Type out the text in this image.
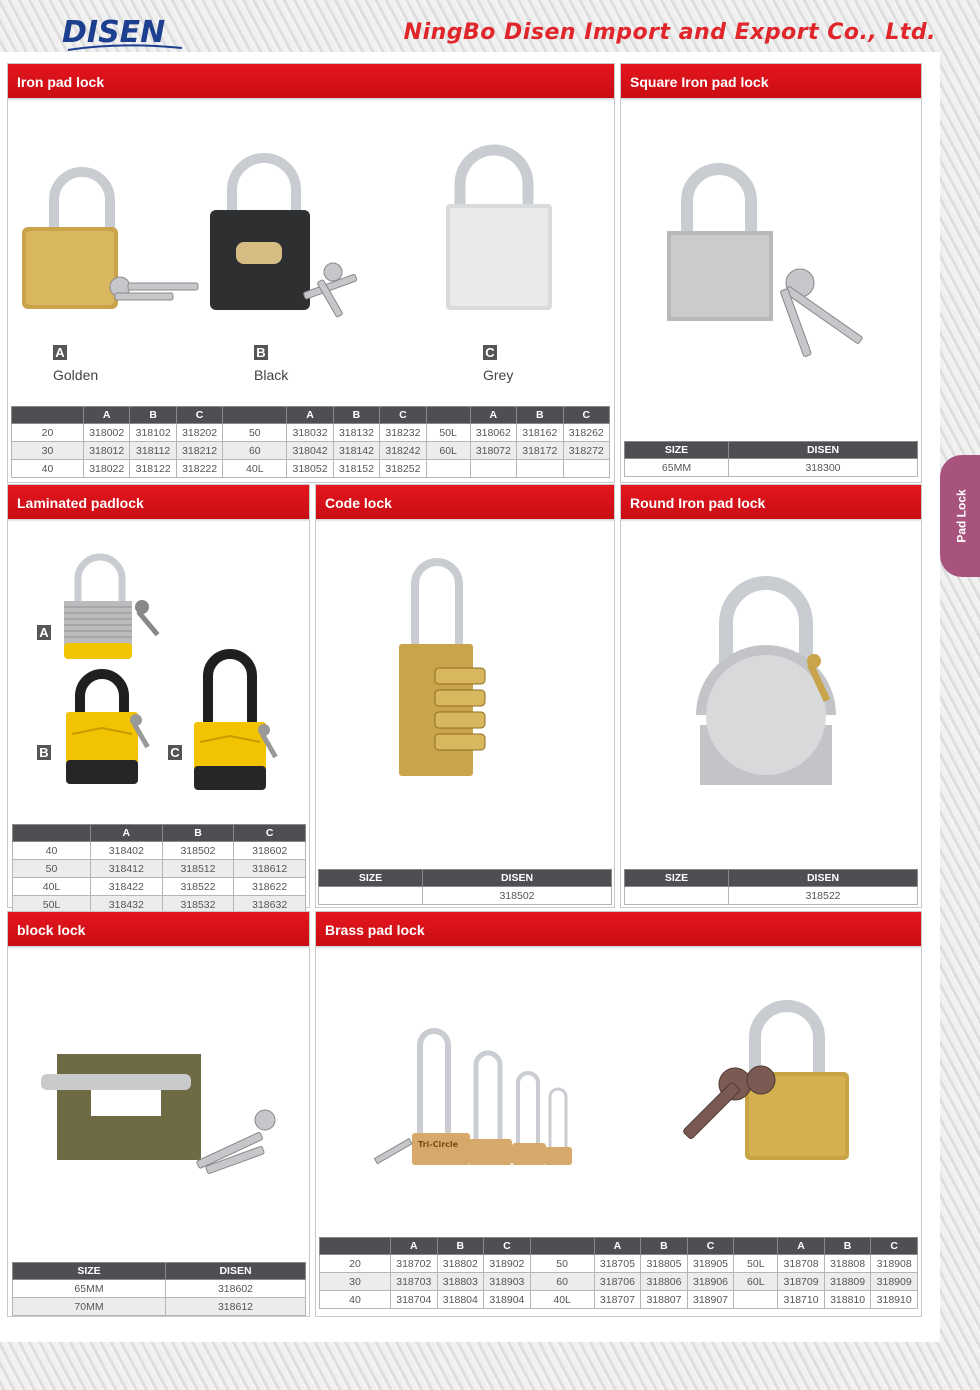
DISEN	NingBo Disen Import and Export Co., Ltd.
Pad Lock
Iron pad lock
A
Golden
B
Black
C
Grey
	A	B	C		A	B	C		A	B	C
20	318002	318102	318202	50	318032	318132	318232	50L	318062	318162	318262
30	318012	318112	318212	60	318042	318142	318242	60L	318072	318172	318272
40	318022	318122	318222	40L	318052	318152	318252				
Square Iron pad lock
SIZE	DISEN
65MM	318300
Laminated padlock
A
B	C
	A	B	C
40	318402	318502	318602
50	318412	318512	318612
40L	318422	318522	318622
50L	318432	318532	318632
Code lock
SIZE	DISEN
	318502
Round Iron pad lock
SIZE	DISEN
	318522
block lock
SIZE	DISEN
65MM	318602
70MM	318612
Brass pad lock
Tri-Circle
	A	B	C		A	B	C		A	B	C
20	318702	318802	318902	50	318705	318805	318905	50L	318708	318808	318908
30	318703	318803	318903	60	318706	318806	318906	60L	318709	318809	318909
40	318704	318804	318904	40L	318707	318807	318907		318710	318810	318910
